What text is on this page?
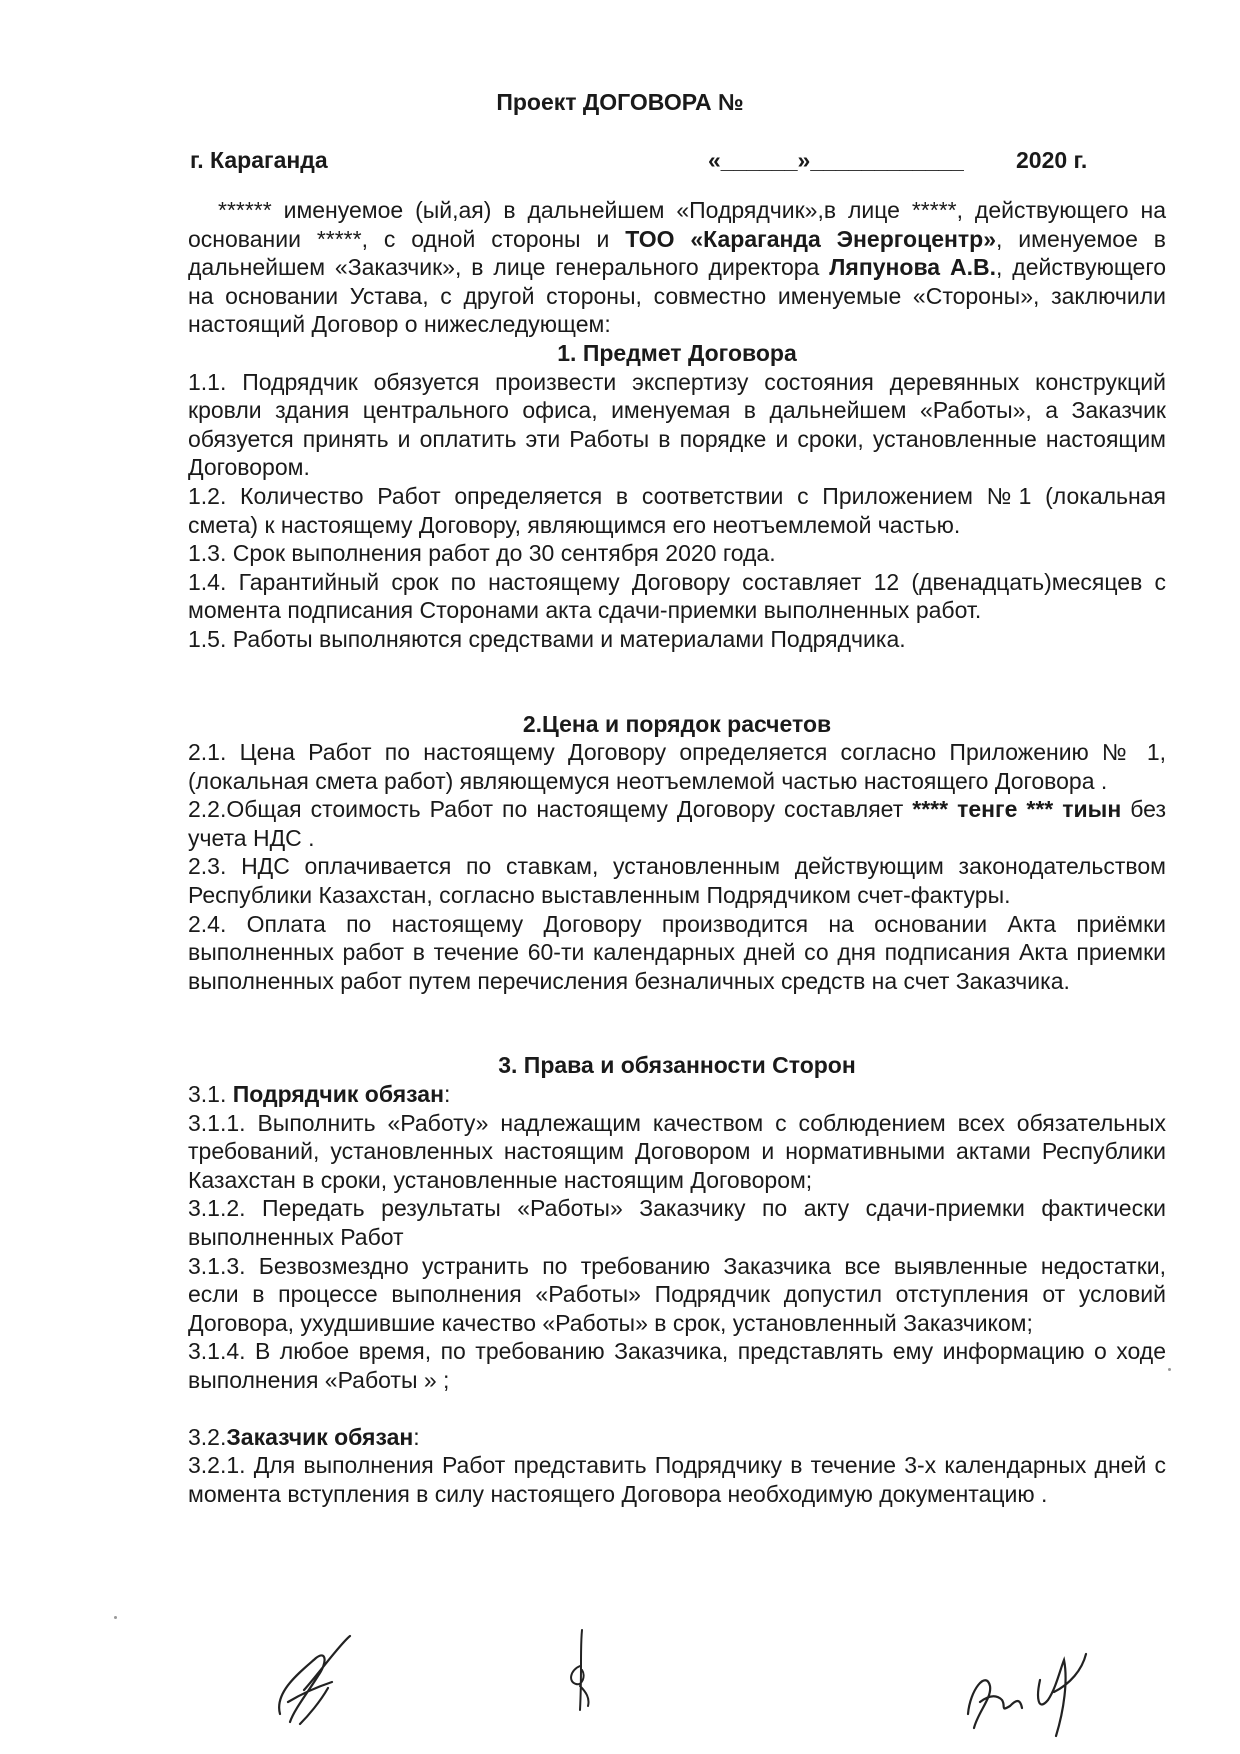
Проект ДОГОВОРА №
г. Караганда	«______»____________ 2020 г.

****** именуемое (ый,ая) в дальнейшем «Подрядчик»,в лице *****, действующего на основании *****, с одной стороны и ТОО «Караганда Энергоцентр», именуемое в дальнейшем «Заказчик», в лице генерального директора Ляпунова А.В., действующего на основании Устава, с другой стороны, совместно именуемые «Стороны», заключили настоящий Договор о нижеследующем:

1. Предмет Договора

1.1. Подрядчик обязуется произвести экспертизу состояния деревянных конструкций кровли здания центрального офиса, именуемая в дальнейшем «Работы», а Заказчик обязуется принять и оплатить эти Работы в порядке и сроки, установленные настоящим Договором.

1.2. Количество Работ определяется в соответствии с Приложением №1 (локальная смета) к настоящему Договору, являющимся его неотъемлемой частью.

1.3. Срок выполнения работ до 30 сентября 2020 года.

1.4. Гарантийный срок по настоящему Договору составляет 12 (двенадцать)месяцев с момента подписания Сторонами акта сдачи-приемки выполненных работ.

1.5. Работы выполняются средствами и материалами Подрядчика.

2.Цена и порядок расчетов

2.1. Цена Работ по настоящему Договору определяется согласно Приложению № 1, (локальная смета работ) являющемуся неотъемлемой частью настоящего Договора .

2.2.Общая стоимость Работ по настоящему Договору составляет **** тенге *** тиын без учета НДС .

2.3. НДС оплачивается по ставкам, установленным действующим законодательством Республики Казахстан, согласно выставленным Подрядчиком счет-фактуры.

2.4. Оплата по настоящему Договору производится на основании Акта приёмки выполненных работ в течение 60-ти календарных дней со дня подписания Акта приемки выполненных работ путем перечисления безналичных средств на счет Заказчика.

3. Права и обязанности Сторон

3.1. Подрядчик обязан:

3.1.1. Выполнить «Работу» надлежащим качеством с соблюдением всех обязательных требований, установленных настоящим Договором и нормативными актами Республики Казахстан в сроки, установленные настоящим Договором;

3.1.2. Передать результаты «Работы» Заказчику по акту сдачи-приемки фактически выполненных Работ

3.1.3. Безвозмездно устранить по требованию Заказчика все выявленные недостатки, если в процессе выполнения «Работы» Подрядчик допустил отступления от условий Договора, ухудшившие качество «Работы» в срок, установленный Заказчиком;

3.1.4. В любое время, по требованию Заказчика, представлять ему информацию о ходе выполнения «Работы » ;

3.2.Заказчик обязан:

3.2.1. Для выполнения Работ представить Подрядчику в течение 3-х календарных дней с момента вступления в силу настоящего Договора необходимую документацию .
